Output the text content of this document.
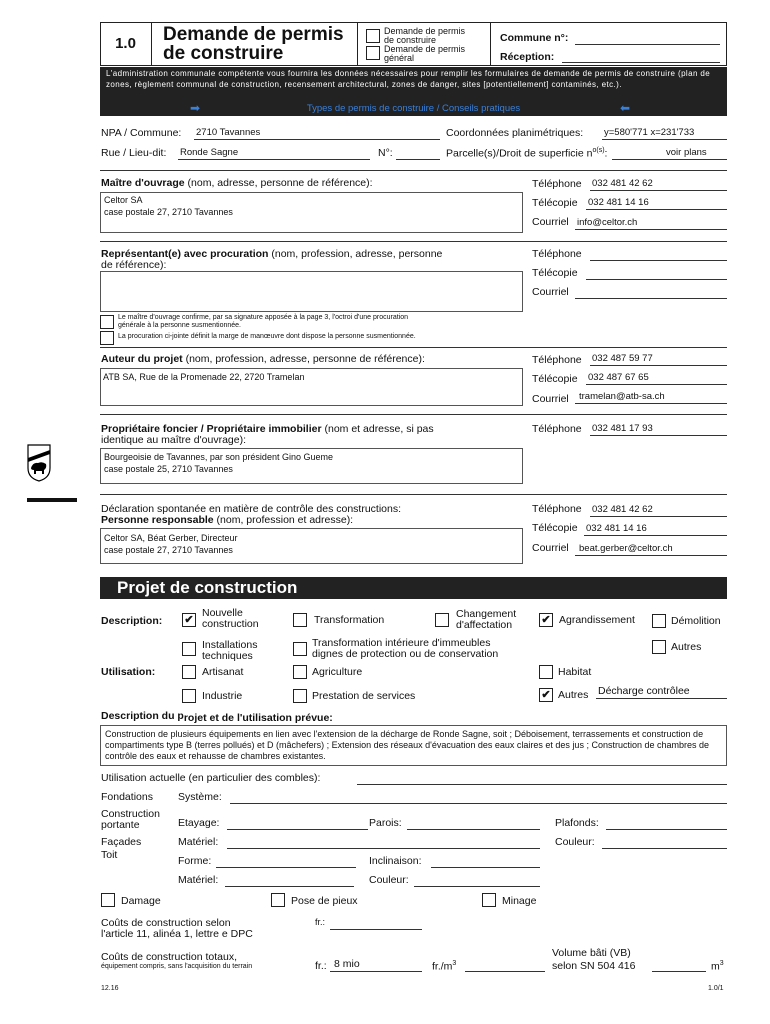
1.0	Demande de permis
de construire
Demande de permis
de construire
Demande de permis
général
Commune n°:
Réception:
L'administration communale compétente vous fournira les données nécessaires pour remplir les formulaires de demande de permis de construire (plan de zones, règlement communal de construction, recensement architectural, zones de danger, sites [potentiellement] contaminés, etc.).
Types de permis de construire / Conseils pratiques
➡	⬅
NPA / Commune: 2710 Tavannes	Coordonnées planimétriques: y=580'771 x=231'733
Rue / Lieu-dit: Ronde Sagne	N°:	Parcelle(s)/Droit de superficie $n^{o(s)}$:	voir plans
Maître d'ouvrage (nom, adresse, personne de référence):
Celtor SA
case postale 27, 2710 Tavannes
Téléphone 032 481 42 62
Télécopie 032 481 14 16
Courriel info@celtor.ch
Représentant(e) avec procuration (nom, profession, adresse, personne
de référence):
Téléphone
Télécopie
Courriel
Le maître d'ouvrage confirme, par sa signature apposée à la page 3, l'octroi d'une procuration
générale à la personne susmentionnée.
La procuration ci-jointe définit la marge de manœuvre dont dispose la personne susmentionnée.
Auteur du projet (nom, profession, adresse, personne de référence):
ATB SA, Rue de la Promenade 22, 2720 Tramelan
Téléphone 032 487 59 77
Télécopie 032 487 67 65
Courriel tramelan@atb-sa.ch
Propriétaire foncier / Propriétaire immobilier (nom et adresse, si pas
identique au maître d'ouvrage):
Bourgeoisie de Tavannes, par son président Gino Gueme
case postale 25, 2710 Tavannes
Téléphone 032 481 17 93
Déclaration spontanée en matière de contrôle des constructions:
Personne responsable (nom, profession et adresse):
Celtor SA, Béat Gerber, Directeur
case postale 27, 2710 Tavannes
Téléphone 032 481 42 62
Télécopie 032 481 14 16
Courriel beat.gerber@celtor.ch
Projet de construction
Description: ✔
Nouvelle
construction	Transformation	Changement
d'affectation	✔ Agrandissement	Démolition
Installations
techniques
Transformation intérieure d'immeubles
dignes de protection ou de conservation
Autres
Utilisation:	Artisanat	Agriculture	Habitat
Industrie	Prestation de services	✔ Autres Décharge contrôlee
Description du projet et de l'utilisation prévue:
Construction de plusieurs équipements en lien avec l'extension de la décharge de Ronde Sagne, soit ; Déboisement, terrassements et construction de compartiments type B (terres pollués) et D (mâchefers) ; Extension des réseaux d'évacuation des eaux claires et des jus ; Construction de chambres de contrôle des eaux et rehausse de chambres existantes.
Utilisation actuelle (en particulier des combles):
Fondations Système:
Construction
portante	Etayage:	Parois:	Plafonds:
Façades	Matériel:	Couleur:
Toit	Forme:	Inclinaison:
Matériel:	Couleur:
Damage	Pose de pieux	Minage
Coûts de construction selon
l'article 11, alinéa 1, lettre e DPC
fr.:
Coûts de construction totaux,
équipement compris, sans l'acquisition du terrain	fr.: 8 mio	$fr./m^3$
Volume bâti (VB)
selon SN 504 416	$m^3$
12.16	1.0/1
